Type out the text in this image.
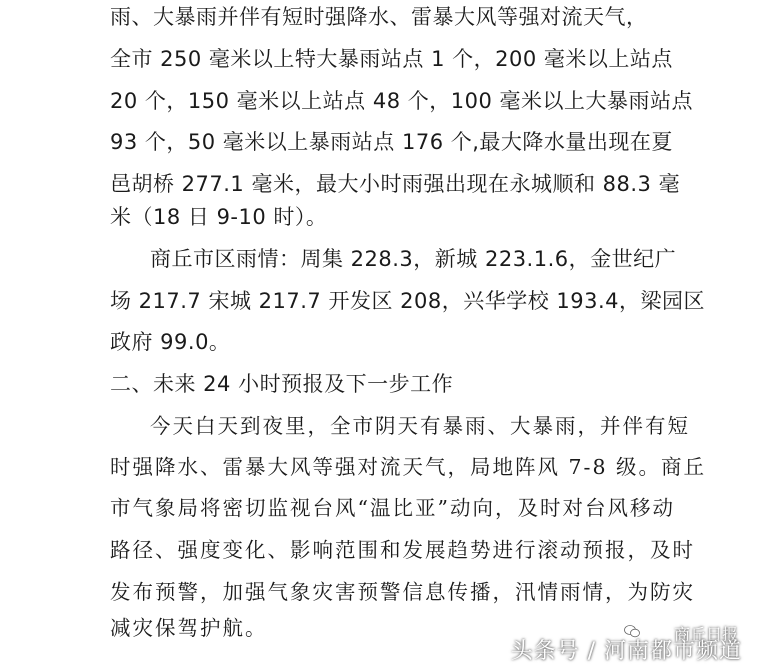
雨、大暴雨并伴有短时强降水、雷暴大风等强对流天气，
全市 250 毫米以上特大暴雨站点 1 个，200 毫米以上站点
20 个，150 毫米以上站点 48 个，100 毫米以上大暴雨站点
93 个，50 毫米以上暴雨站点 176 个,最大降水量出现在夏
邑胡桥 277.1 毫米，最大小时雨强出现在永城顺和 88.3 毫
米（18 日 9-10 时）。
商丘市区雨情：周集 228.3，新城 223.1.6，金世纪广
场 217.7 宋城 217.7 开发区 208，兴华学校 193.4，梁园区
政府 99.0。
二、未来 24 小时预报及下一步工作
今天白天到夜里，全市阴天有暴雨、大暴雨，并伴有短
时强降水、雷暴大风等强对流天气，局地阵风 7-8 级。商丘
市气象局将密切监视台风“温比亚”动向，及时对台风移动
路径、强度变化、影响范围和发展趋势进行滚动预报，及时
发布预警，加强气象灾害预警信息传播，汛情雨情，为防灾
减灾保驾护航。	商丘日报
头条号 / 河南都市频道
